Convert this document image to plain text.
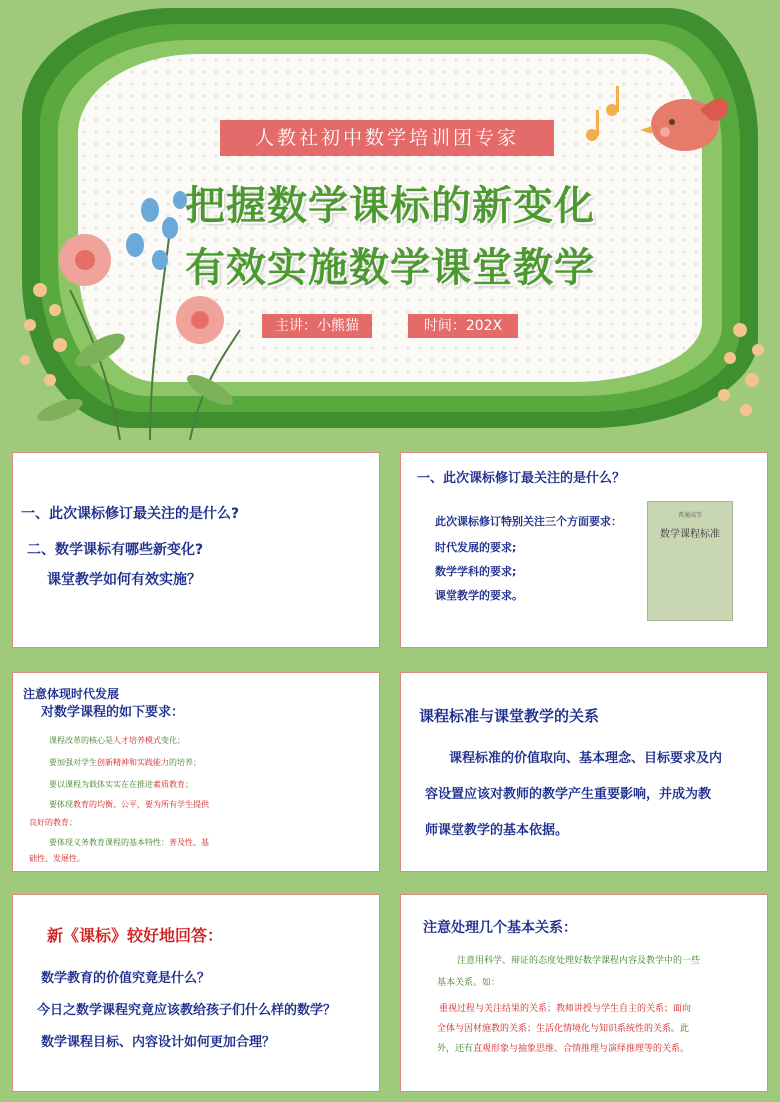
人教社初中数学培训团专家
把握数学课标的新变化
有效实施数学课堂教学
主讲：小熊猫	时间：202X

一、此次课标修订最关注的是什么?

二、数学课标有哪些新变化?

课堂教学如何有效实施？

一、此次课标修订最关注的是什么？

此次课标修订特别关注三个方面要求：

时代发展的要求;

数学学科的要求;

课堂教学的要求。

普通高等

数学课程标准

注意体现时代发展

对数学课程的如下要求：

课程改革的核心是人才培养模式变化；

要加强对学生创新精神和实践能力的培养；

要以课程为载体实实在在推进素质教育；

要体现教育的均衡、公平，要为所有学生提供

良好的教育；

要体现义务教育课程的基本特性：普及性、基

础性、发展性。

课程标准与课堂教学的关系

课程标准的价值取向、基本理念、目标要求及内

容设置应该对教师的教学产生重要影响，并成为教

师课堂教学的基本依据。

新《课标》较好地回答：

数学教育的价值究竟是什么？

今日之数学课程究竟应该教给孩子们什么样的数学？

数学课程目标、内容设计如何更加合理？

注意处理几个基本关系：

注意用科学、辩证的态度处理好数学课程内容及教学中的一些

基本关系。如：

重视过程与关注结果的关系；教师讲授与学生自主的关系；面向

全体与因材施教的关系；生活化情境化与知识系统性的关系。此

外，还有直观形象与抽象思维、合情推理与演绎推理等的关系。
